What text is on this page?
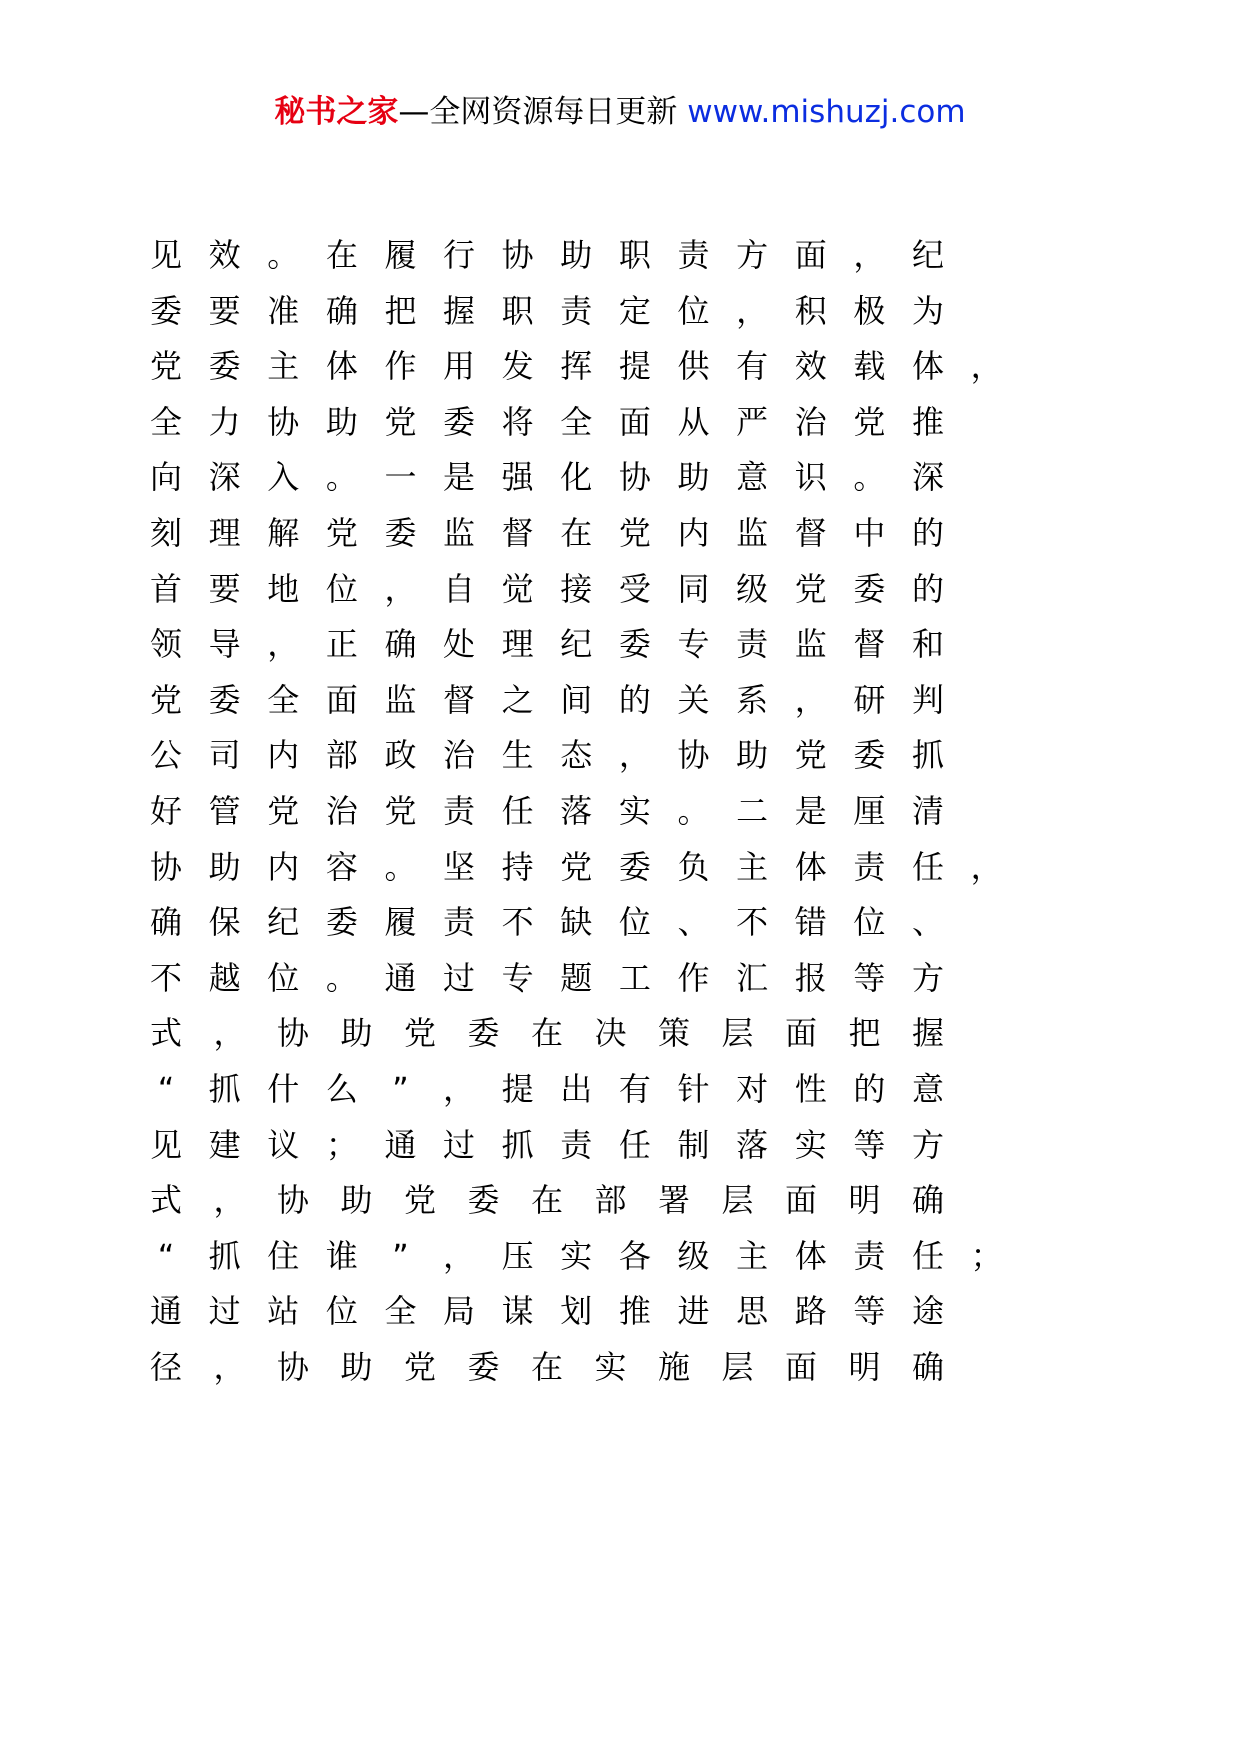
秘书之家—全网资源每日更新 www.mishuzj.com
见 效 。 在 履 行 协 助 职 责 方 面 ， 纪
委 要 准 确 把 握 职 责 定 位 ， 积 极 为
党 委 主 体 作 用 发 挥 提 供 有 效 载 体 ，
全 力 协 助 党 委 将 全 面 从 严 治 党 推
向 深 入 。 一 是 强 化 协 助 意 识 。 深
刻 理 解 党 委 监 督 在 党 内 监 督 中 的
首 要 地 位 ， 自 觉 接 受 同 级 党 委 的
领 导 ， 正 确 处 理 纪 委 专 责 监 督 和
党 委 全 面 监 督 之 间 的 关 系 ， 研 判
公 司 内 部 政 治 生 态 ， 协 助 党 委 抓
好 管 党 治 党 责 任 落 实 。 二 是 厘 清
协 助 内 容 。 坚 持 党 委 负 主 体 责 任 ，
确 保 纪 委 履 责 不 缺 位 、 不 错 位 、
不 越 位 。 通 过 专 题 工 作 汇 报 等 方
式 ， 协 助 党 委 在 决 策 层 面 把 握
“ 抓 什 么 ” ， 提 出 有 针 对 性 的 意
见 建 议 ； 通 过 抓 责 任 制 落 实 等 方
式 ， 协 助 党 委 在 部 署 层 面 明 确
“ 抓 住 谁 ” ， 压 实 各 级 主 体 责 任 ；
通 过 站 位 全 局 谋 划 推 进 思 路 等 途
径 ， 协 助 党 委 在 实 施 层 面 明 确
